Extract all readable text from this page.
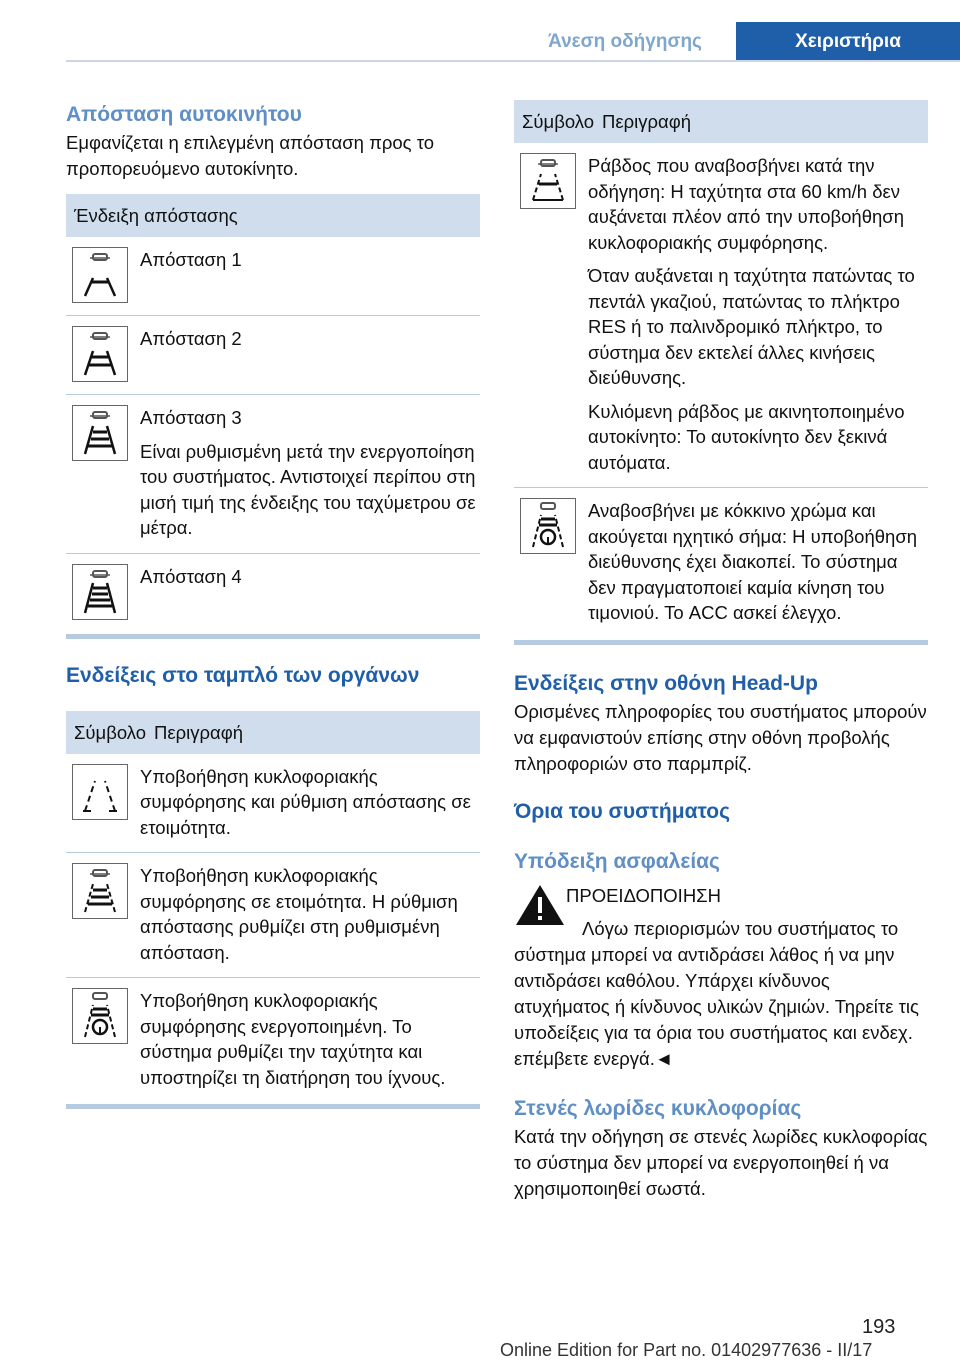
Άνεση οδήγησης	Χειριστήρια
Απόσταση αυτοκινήτου

Εμφανίζεται η επιλεγμένη απόσταση προς το προπορευόμενο αυτοκίνητο.

Ένδειξη απόστασης

Απόσταση 1

Απόσταση 2

Απόσταση 3

Είναι ρυθμισμένη μετά την ενεργοποίηση του συστήματος. Αντιστοιχεί περίπου στη μισή τιμή της ένδειξης του ταχύμετρου σε μέτρα.

Απόσταση 4

Ενδείξεις στο ταμπλό των οργάνων
Σύμβολο Περιγραφή

Υποβοήθηση κυκλοφοριακής συμφόρησης και ρύθμιση απόστασης σε ετοιμότητα.

Υποβοήθηση κυκλοφοριακής συμφόρησης σε ετοιμότητα. Η ρύθμιση απόστασης ρυθμίζει στη ρυθμισμένη απόσταση.

Υποβοήθηση κυκλοφοριακής συμφόρησης ενεργοποιημένη. Το σύστημα ρυθμίζει την ταχύτητα και υποστηρίζει τη διατήρηση του ίχνους.

Σύμβολο Περιγραφή

Ράβδος που αναβοσβήνει κατά την οδήγηση: Η ταχύτητα στα 60 km/h δεν αυξάνεται πλέον από την υποβοήθηση κυκλοφοριακής συμφόρησης.

Όταν αυξάνεται η ταχύτητα πατώντας το πεντάλ γκαζιού, πατώντας το πλήκτρο RES ή το παλινδρομικό πλήκτρο, το σύστημα δεν εκτελεί άλλες κινήσεις διεύθυνσης.

Κυλιόμενη ράβδος με ακινητοποιημένο αυτοκίνητο: Το αυτοκίνητο δεν ξεκινά αυτόματα.

Αναβοσβήνει με κόκκινο χρώμα και ακούγεται ηχητικό σήμα: Η υποβοήθηση διεύθυνσης έχει διακοπεί. Το σύστημα δεν πραγματοποιεί καμία κίνηση του τιμονιού. Το ACC ασκεί έλεγχο.

Ενδείξεις στην οθόνη Head-Up

Ορισμένες πληροφορίες του συστήματος μπορούν να εμφανιστούν επίσης στην οθόνη προβολής πληροφοριών στο παρμπρίζ.

Όρια του συστήματος
Υπόδειξη ασφαλείας
ΠΡΟΕΙΔΟΠΟΙΗΣΗ
Λόγω περιορισμών του συστήματος το σύστημα μπορεί να αντιδράσει λάθος ή να μην αντιδράσει καθόλου. Υπάρχει κίνδυνος ατυχήματος ή κίνδυνος υλικών ζημιών. Τηρείτε τις υποδείξεις για τα όρια του συστήματος και ενδεχ. επέμβετε ενεργά.◄
Στενές λωρίδες κυκλοφορίας

Κατά την οδήγηση σε στενές λωρίδες κυκλοφορίας το σύστημα δεν μπορεί να ενεργοποιηθεί ή να χρησιμοποιηθεί σωστά.

193
Online Edition for Part no. 01402977636 - II/17
